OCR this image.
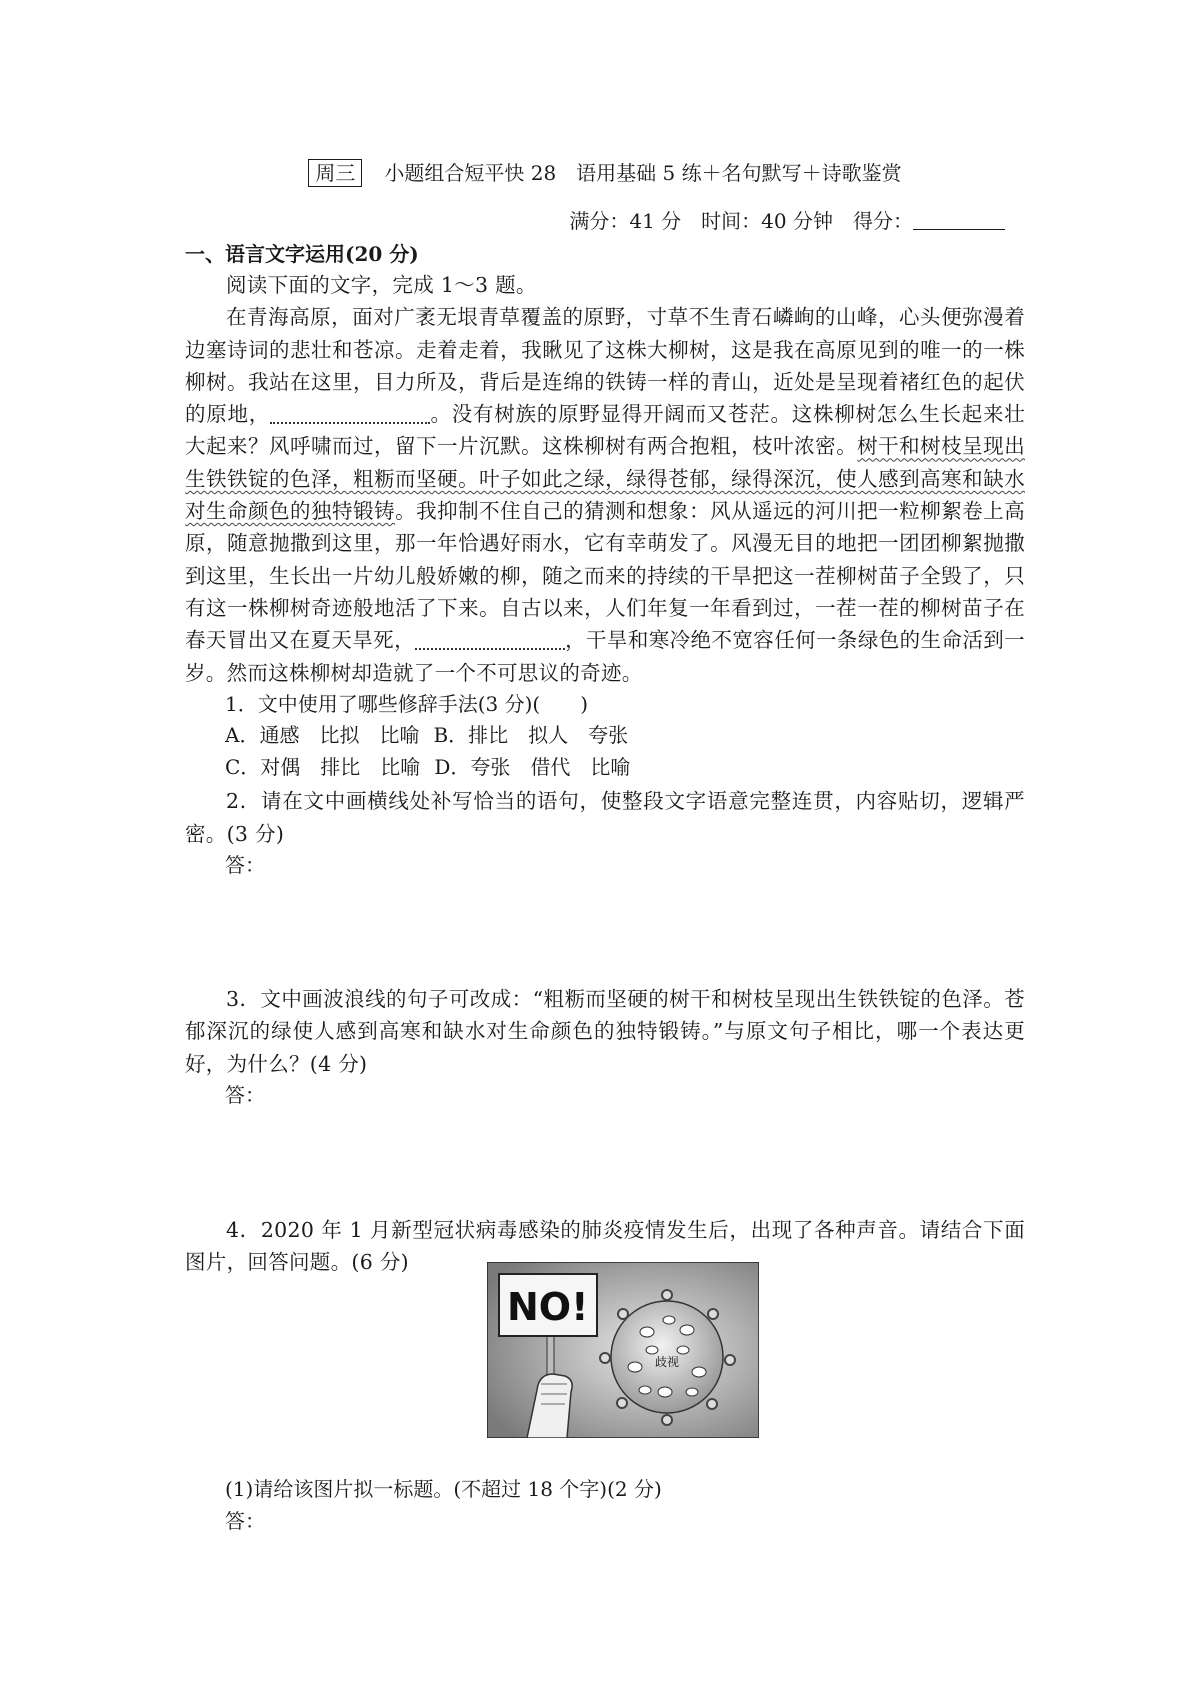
周三 小题组合短平快 28　语用基础 5 练＋名句默写＋诗歌鉴赏
满分：41 分　时间：40 分钟　得分：
一、语言文字运用(20 分)
阅读下面的文字，完成 1～3 题。
在青海高原，面对广袤无垠青草覆盖的原野，寸草不生青石嶙峋的山峰，心头便弥漫着边塞诗词的悲壮和苍凉。走着走着，我瞅见了这株大柳树，这是我在高原见到的唯一的一株柳树。我站在这里，目力所及，背后是连绵的铁铸一样的青山，近处是呈现着褚红色的起伏的原地，	。没有树族的原野显得开阔而又苍茫。这株柳树怎么生长起来壮大起来？风呼啸而过，留下一片沉默。这株柳树有两合抱粗，枝叶浓密。树干和树枝呈现出生铁铁锭的色泽，粗粝而坚硬。叶子如此之绿，绿得苍郁，绿得深沉，使人感到高寒和缺水对生命颜色的独特锻铸。我抑制不住自己的猜测和想象：风从遥远的河川把一粒柳絮卷上高原，随意抛撒到这里，那一年恰遇好雨水，它有幸萌发了。风漫无目的地把一团团柳絮抛撒到这里，生长出一片幼儿般娇嫩的柳，随之而来的持续的干旱把这一茬柳树苗子全毁了，只有这一株柳树奇迹般地活了下来。自古以来，人们年复一年看到过，一茬一茬的柳树苗子在春天冒出又在夏天旱死，	，干旱和寒冷绝不宽容任何一条绿色的生命活到一岁。然而这株柳树却造就了一个不可思议的奇迹。
1．文中使用了哪些修辞手法(3 分)(　　)
A．通感　比拟　比喻 B．排比　拟人　夸张
C．对偶　排比　比喻 D．夸张　借代　比喻
2．请在文中画横线处补写恰当的语句，使整段文字语意完整连贯，内容贴切，逻辑严密。(3 分)
答：
3．文中画波浪线的句子可改成：“粗粝而坚硬的树干和树枝呈现出生铁铁锭的色泽。苍郁深沉的绿使人感到高寒和缺水对生命颜色的独特锻铸。”与原文句子相比，哪一个表达更好，为什么？(4 分)
答：
4．2020 年 1 月新型冠状病毒感染的肺炎疫情发生后，出现了各种声音。请结合下面图片，回答问题。(6 分)
(1)请给该图片拟一标题。(不超过 18 个字)(2 分)
答：
歧视
NO!
